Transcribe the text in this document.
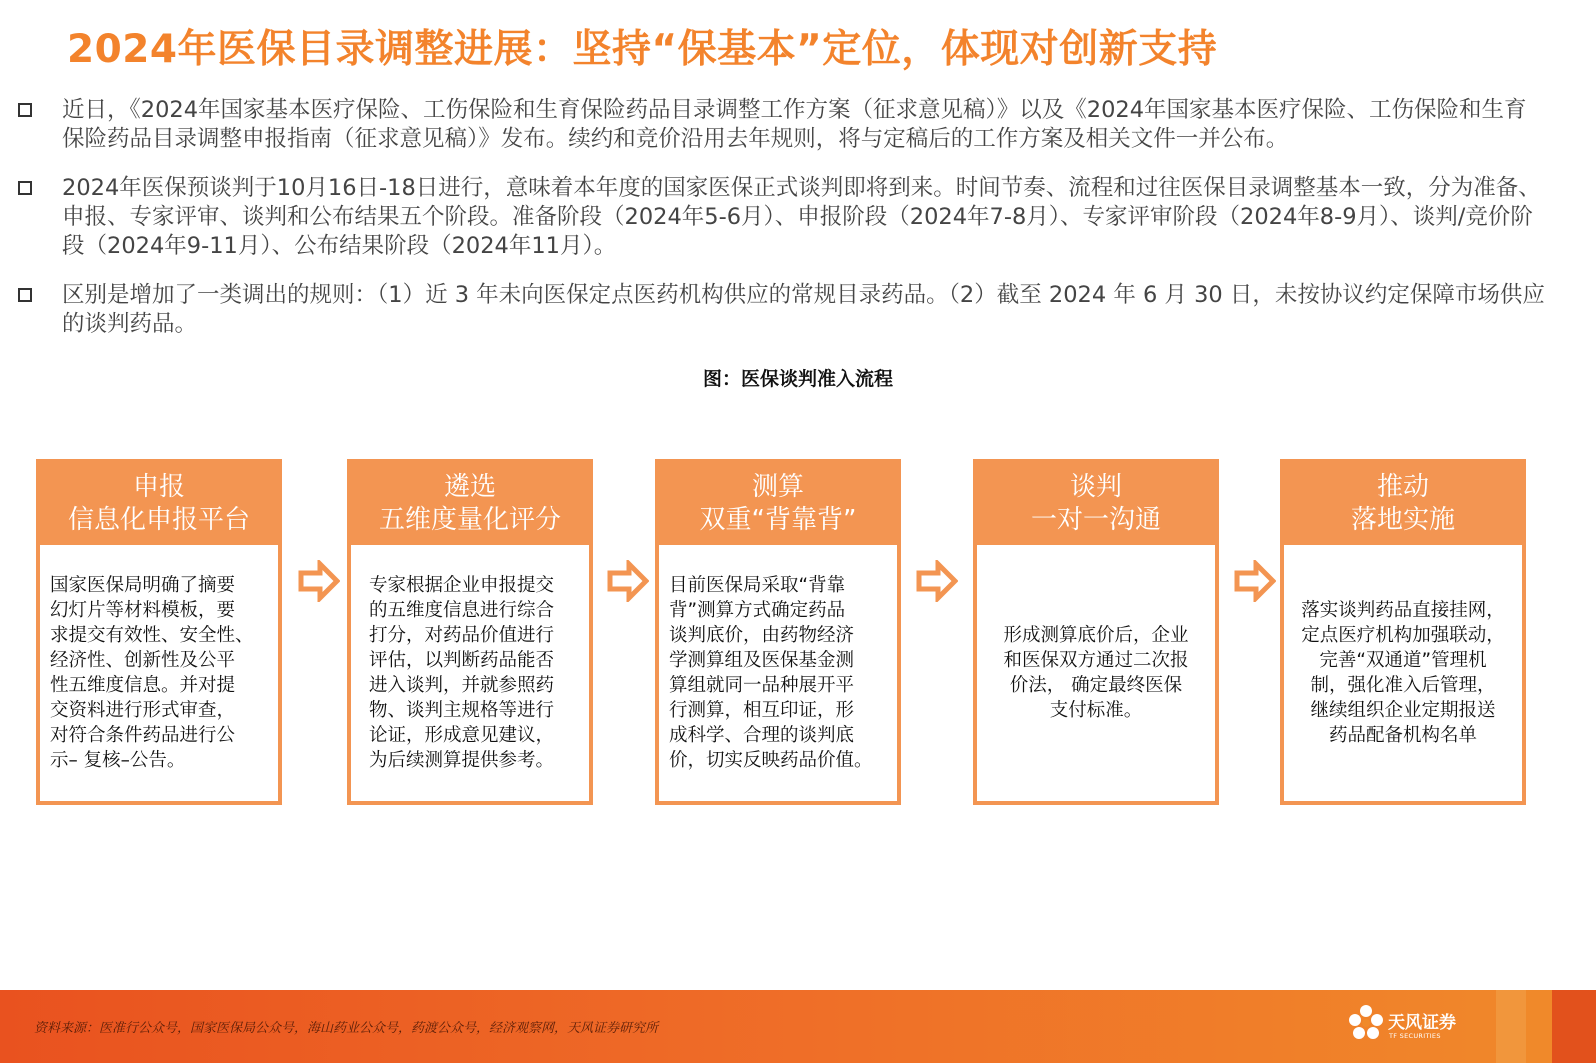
2024年医保目录调整进展：坚持“保基本”定位，体现对创新支持
近日，《2024年国家基本医疗保险、工伤保险和生育保险药品目录调整工作方案（征求意见稿）》以及《2024年国家基本医疗保险、工伤保险和生育保险药品目录调整申报指南（征求意见稿）》发布。续约和竞价沿用去年规则，将与定稿后的工作方案及相关文件一并公布。
2024年医保预谈判于10月16日-18日进行，意味着本年度的国家医保正式谈判即将到来。时间节奏、流程和过往医保目录调整基本一致，分为准备、申报、专家评审、谈判和公布结果五个阶段。准备阶段（2024年5-6月）、申报阶段（2024年7-8月）、专家评审阶段（2024年8-9月）、谈判/竞价阶段（2024年9-11月）、公布结果阶段（2024年11月）。
区别是增加了一类调出的规则：（1）近 3 年未向医保定点医药机构供应的常规目录药品。（2）截至 2024 年 6 月 30 日，未按协议约定保障市场供应的谈判药品。
图：医保谈判准入流程
申报
信息化申报平台
国家医保局明确了摘要
幻灯片等材料模板，要
求提交有效性、安全性、
经济性、创新性及公平
性五维度信息。并对提
交资料进行形式审查，
对符合条件药品进行公
示– 复核–公告。
遴选
五维度量化评分
专家根据企业申报提交
的五维度信息进行综合
打分，对药品价值进行
评估，以判断药品能否
进入谈判，并就参照药
物、谈判主规格等进行
论证，形成意见建议，
为后续测算提供参考。
测算
双重“背靠背”
目前医保局采取“背靠
背”测算方式确定药品
谈判底价，由药物经济
学测算组及医保基金测
算组就同一品种展开平
行测算，相互印证，形
成科学、合理的谈判底
价，切实反映药品价值。
谈判
一对一沟通
形成测算底价后，企业
和医保双方通过二次报
价法， 确定最终医保
支付标准。
推动
落地实施
落实谈判药品直接挂网，
定点医疗机构加强联动，
完善“双通道”管理机
制，强化准入后管理，
继续组织企业定期报送
药品配备机构名单
资料来源：医准行公众号，国家医保局公众号，海山药业公众号，药渡公众号，经济观察网，天风证券研究所	天风证券
TF SECURITIES
